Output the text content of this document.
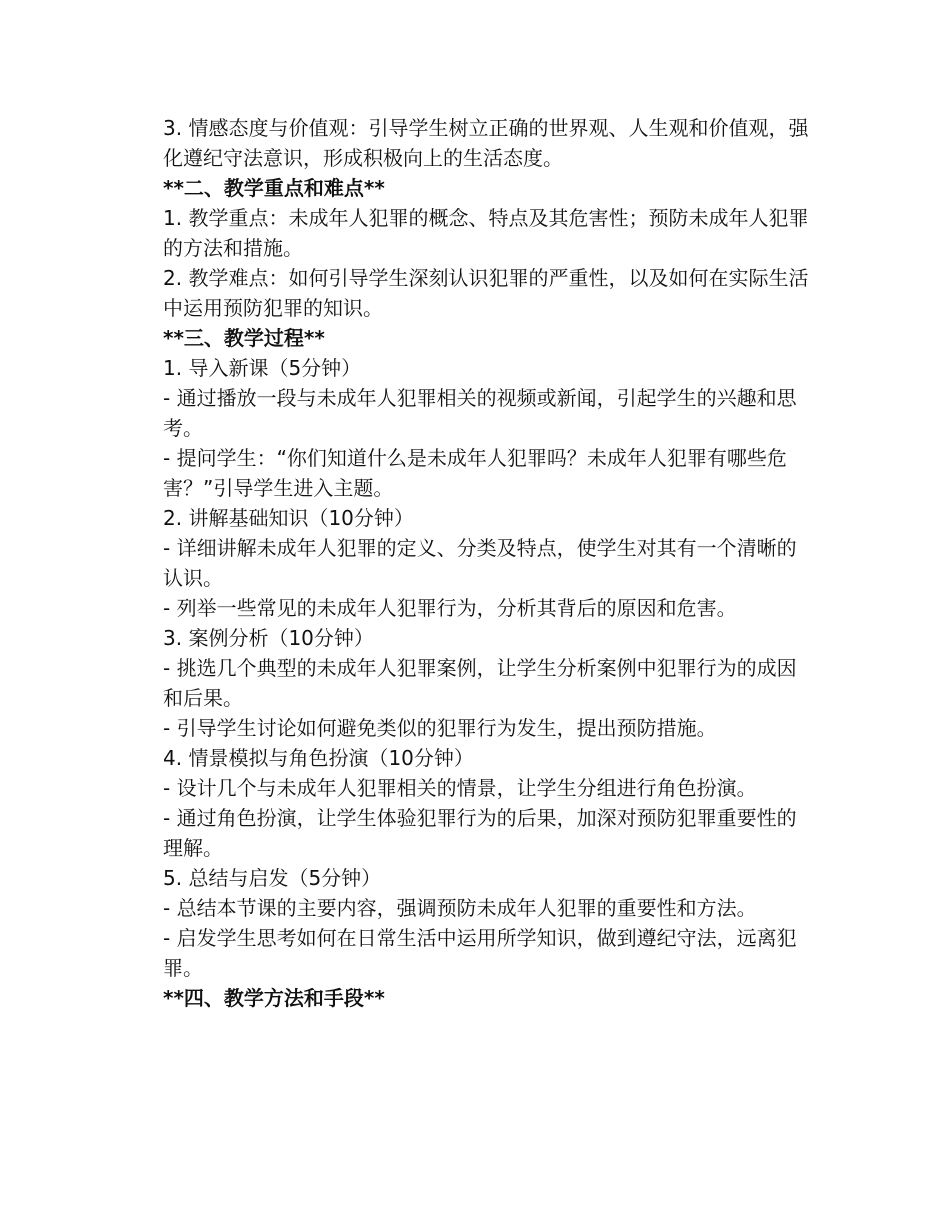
3. 情感态度与价值观：引导学生树立正确的世界观、人生观和价值观，强化遵纪守法意识，形成积极向上的生活态度。

**二、教学重点和难点**

1. 教学重点：未成年人犯罪的概念、特点及其危害性；预防未成年人犯罪的方法和措施。

2. 教学难点：如何引导学生深刻认识犯罪的严重性，以及如何在实际生活中运用预防犯罪的知识。

**三、教学过程**

1. 导入新课（5分钟）

- 通过播放一段与未成年人犯罪相关的视频或新闻，引起学生的兴趣和思考。

- 提问学生：“你们知道什么是未成年人犯罪吗？未成年人犯罪有哪些危害？”引导学生进入主题。

2. 讲解基础知识（10分钟）

- 详细讲解未成年人犯罪的定义、分类及特点，使学生对其有一个清晰的认识。

- 列举一些常见的未成年人犯罪行为，分析其背后的原因和危害。

3. 案例分析（10分钟）

- 挑选几个典型的未成年人犯罪案例，让学生分析案例中犯罪行为的成因和后果。

- 引导学生讨论如何避免类似的犯罪行为发生，提出预防措施。

4. 情景模拟与角色扮演（10分钟）

- 设计几个与未成年人犯罪相关的情景，让学生分组进行角色扮演。

- 通过角色扮演，让学生体验犯罪行为的后果，加深对预防犯罪重要性的理解。

5. 总结与启发（5分钟）

- 总结本节课的主要内容，强调预防未成年人犯罪的重要性和方法。

- 启发学生思考如何在日常生活中运用所学知识，做到遵纪守法，远离犯罪。

**四、教学方法和手段**
